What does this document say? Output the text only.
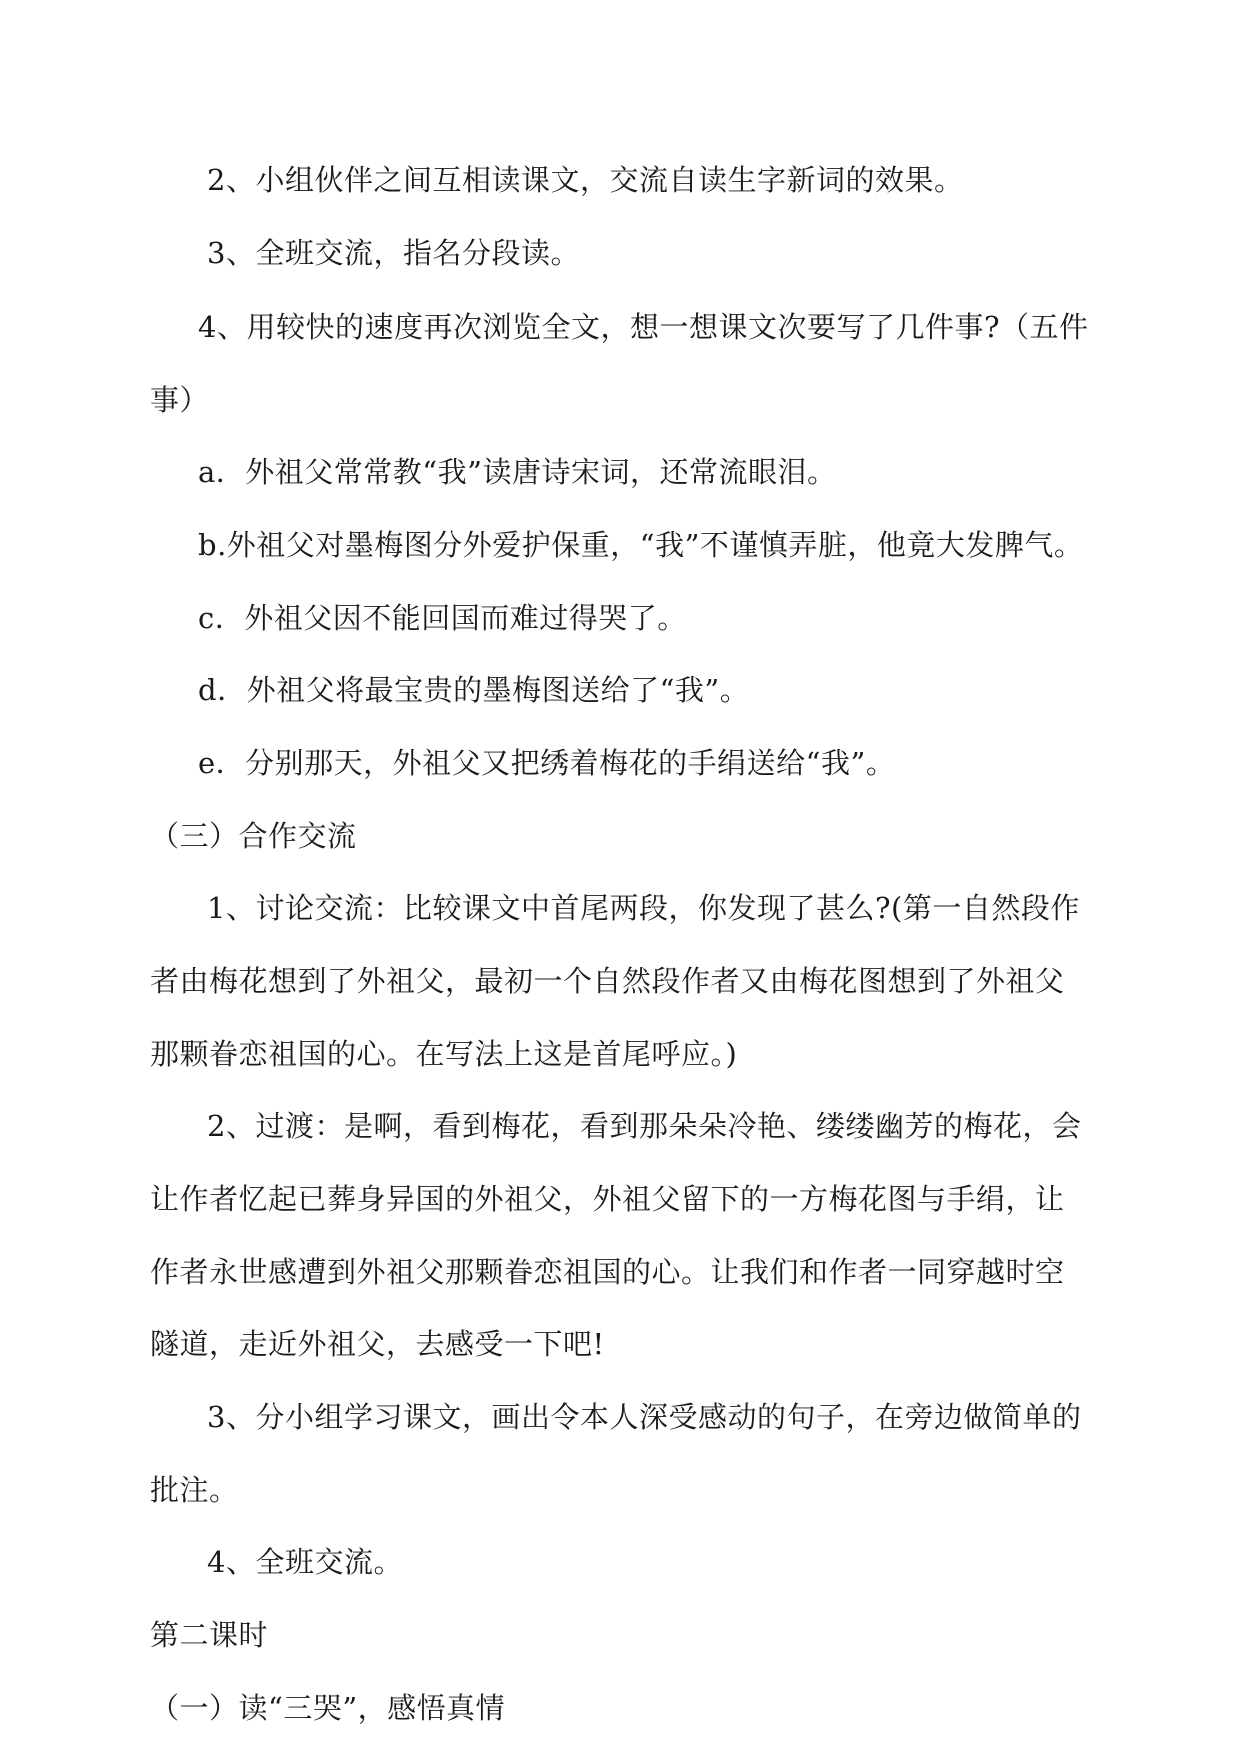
2、小组伙伴之间互相读课文，交流自读生字新词的效果。
3、全班交流，指名分段读。
4、用较快的速度再次浏览全文，想一想课文次要写了几件事?（五件
事）
a．外祖父常常教“我”读唐诗宋词，还常流眼泪。
b.外祖父对墨梅图分外爱护保重，“我”不谨慎弄脏，他竟大发脾气。
c．外祖父因不能回国而难过得哭了。
d．外祖父将最宝贵的墨梅图送给了“我”。
e．分别那天，外祖父又把绣着梅花的手绢送给“我”。
（三）合作交流
1、讨论交流：比较课文中首尾两段，你发现了甚么?(第一自然段作
者由梅花想到了外祖父，最初一个自然段作者又由梅花图想到了外祖父
那颗眷恋祖国的心。在写法上这是首尾呼应。)
2、过渡：是啊，看到梅花，看到那朵朵冷艳、缕缕幽芳的梅花，会
让作者忆起已葬身异国的外祖父，外祖父留下的一方梅花图与手绢，让
作者永世感遭到外祖父那颗眷恋祖国的心。让我们和作者一同穿越时空
隧道，走近外祖父，去感受一下吧!
3、分小组学习课文，画出令本人深受感动的句子，在旁边做简单的
批注。
4、全班交流。
第二课时
（一）读“三哭”，感悟真情
